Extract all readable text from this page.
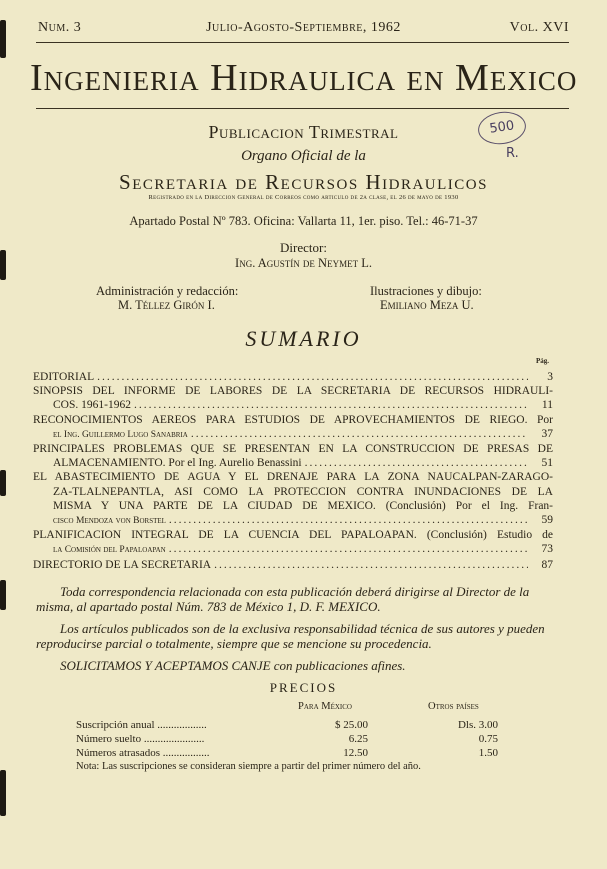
Num. 3	Julio-Agosto-Septiembre, 1962	Vol. XVI
Ingenieria Hidraulica en Mexico
500
R.
Publicacion Trimestral
Organo Oficial de la
Secretaria de Recursos Hidraulicos
Registrado en la Direccion General de Correos como articulo de 2a clase, el 26 de mayo de 1930
Apartado Postal Nº 783. Oficina: Vallarta 11, 1er. piso. Tel.: 46-71-37
Director:
Ing. Agustín de Neymet L.
Administración y redacción:
M. Téllez Girón I.
Ilustraciones y dibujo:
Emiliano Meza U.
SUMARIO
Pág.
EDITORIAL .....	3
SINOPSIS DEL INFORME DE LABORES DE LA SECRETARIA DE RECURSOS HIDRAULI-
COS. 1961-1962 .....	11
RECONOCIMIENTOS AEREOS PARA ESTUDIOS DE APROVECHAMIENTOS DE RIEGO. Por
el Ing. Guillermo Lugo Sanabria .....	37
PRINCIPALES PROBLEMAS QUE SE PRESENTAN EN LA CONSTRUCCION DE PRESAS DE
ALMACENAMIENTO. Por el Ing. Aurelio Benassini .....	51
EL ABASTECIMIENTO DE AGUA Y EL DRENAJE PARA LA ZONA NAUCALPAN-ZARAGO-
ZA-TLALNEPANTLA, ASI COMO LA PROTECCION CONTRA INUNDACIONES DE LA
MISMA Y UNA PARTE DE LA CIUDAD DE MEXICO. (Conclusión) Por el Ing. Fran-
cisco Mendoza von Borstel .....	59
PLANIFICACION INTEGRAL DE LA CUENCIA DEL PAPALOAPAN. (Conclusión) Estudio de
la Comisión del Papaloapan .....	73
DIRECTORIO DE LA SECRETARIA .....	87

Toda correspondencia relacionada con esta publicación deberá dirigirse al Director de la misma, al apartado postal Núm. 783 de México 1, D. F. MEXICO.

Los artículos publicados son de la exclusiva responsabilidad técnica de sus autores y pueden reproducirse parcial o totalmente, siempre que se mencione su procedencia.

SOLICITAMOS Y ACEPTAMOS CANJE con publicaciones afines.

PRECIOS
Para México	Otros países
Suscripción anual ..................	$ 25.00	Dls. 3.00
Número suelto ......................	6.25	0.75
Números atrasados .................	12.50	1.50
Nota: Las suscripciones se consideran siempre a partir del primer número del año.
